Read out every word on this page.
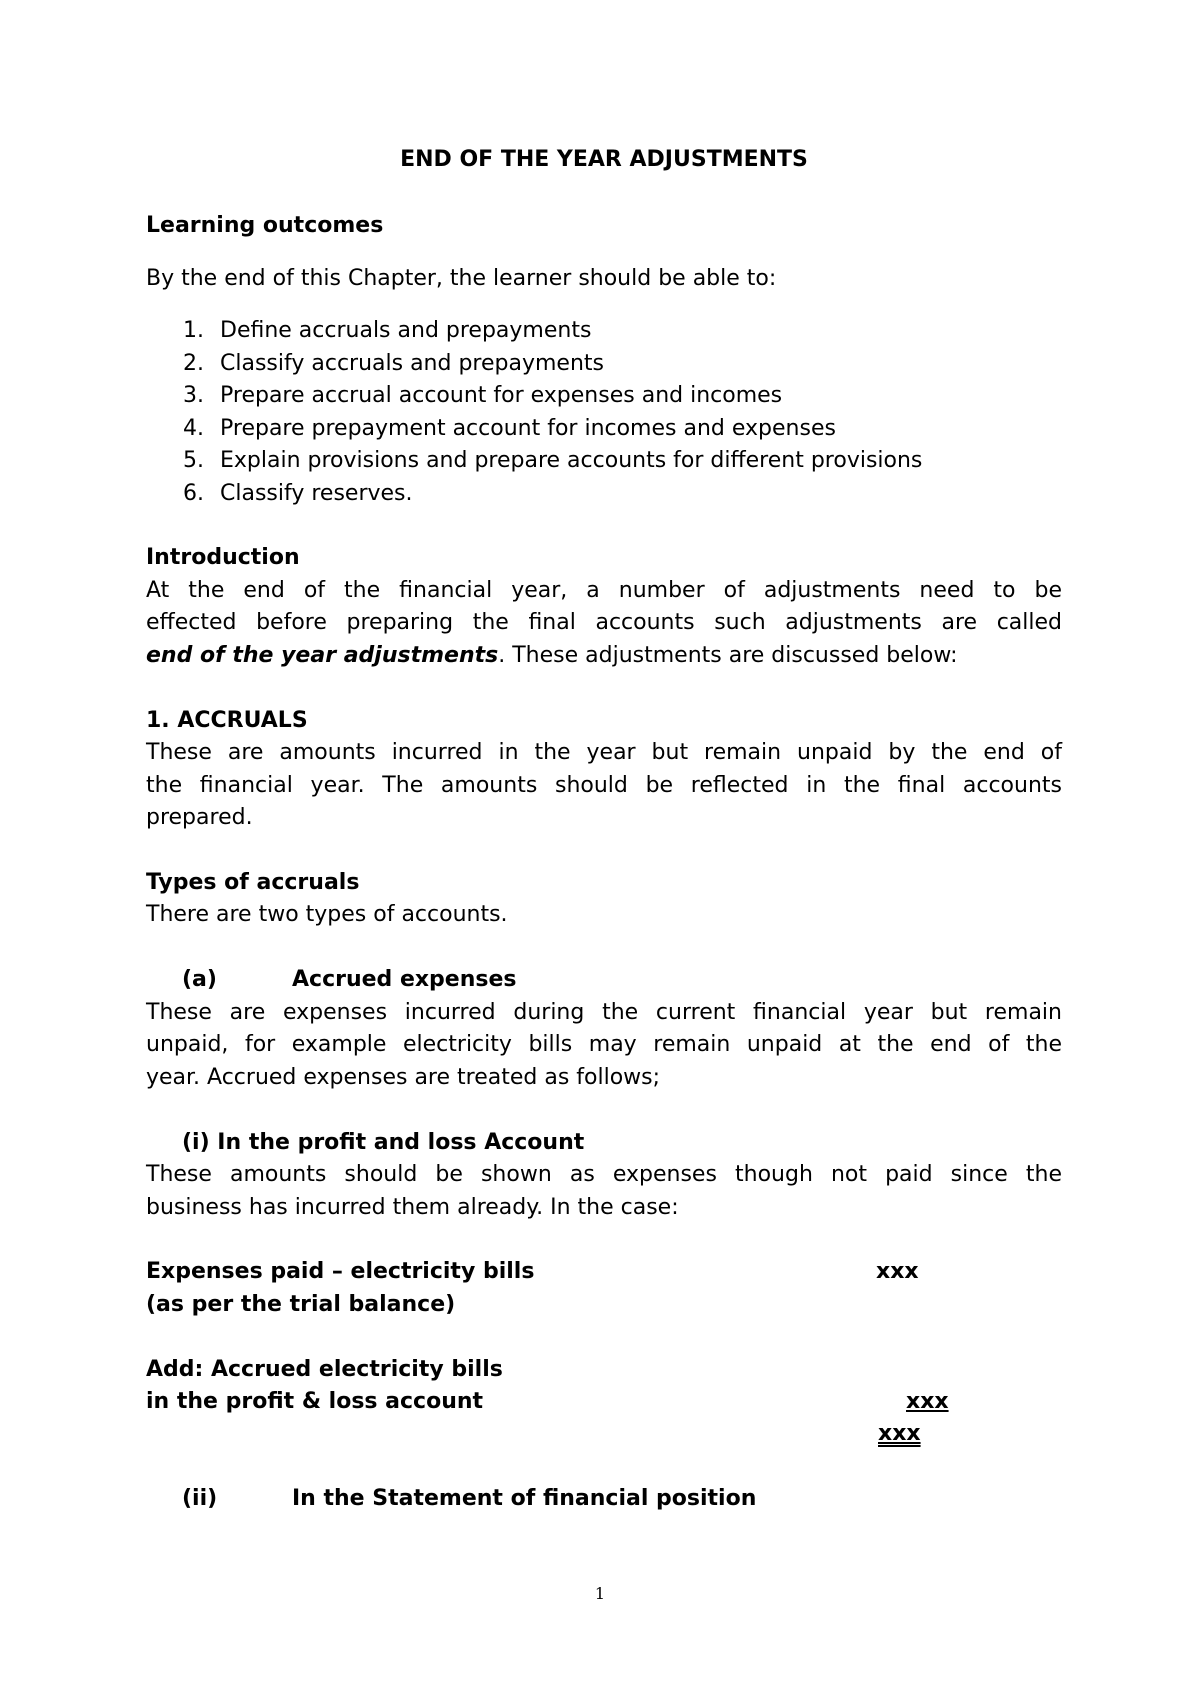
END OF THE YEAR ADJUSTMENTS
Learning outcomes
By the end of this Chapter, the learner should be able to:
1. Define accruals and prepayments
2. Classify accruals and prepayments
3. Prepare accrual account for expenses and incomes
4. Prepare prepayment account for incomes and expenses
5. Explain provisions and prepare accounts for different provisions
6. Classify reserves.
Introduction
At the end of the financial year, a number of adjustments need to be
effected before preparing the final accounts such adjustments are called
end of the year adjustments. These adjustments are discussed below:
1. ACCRUALS
These are amounts incurred in the year but remain unpaid by the end of
the financial year. The amounts should be reflected in the final accounts
prepared.
Types of accruals
There are two types of accounts.
(a)	Accrued expenses
These are expenses incurred during the current financial year but remain
unpaid, for example electricity bills may remain unpaid at the end of the
year. Accrued expenses are treated as follows;
(i) In the profit and loss Account
These amounts should be shown as expenses though not paid since the
business has incurred them already. In the case:
Expenses paid – electricity bills	xxx
(as per the trial balance)
Add: Accrued electricity bills
in the profit & loss account	xxx
xxx
(ii)	In the Statement of financial position
1
